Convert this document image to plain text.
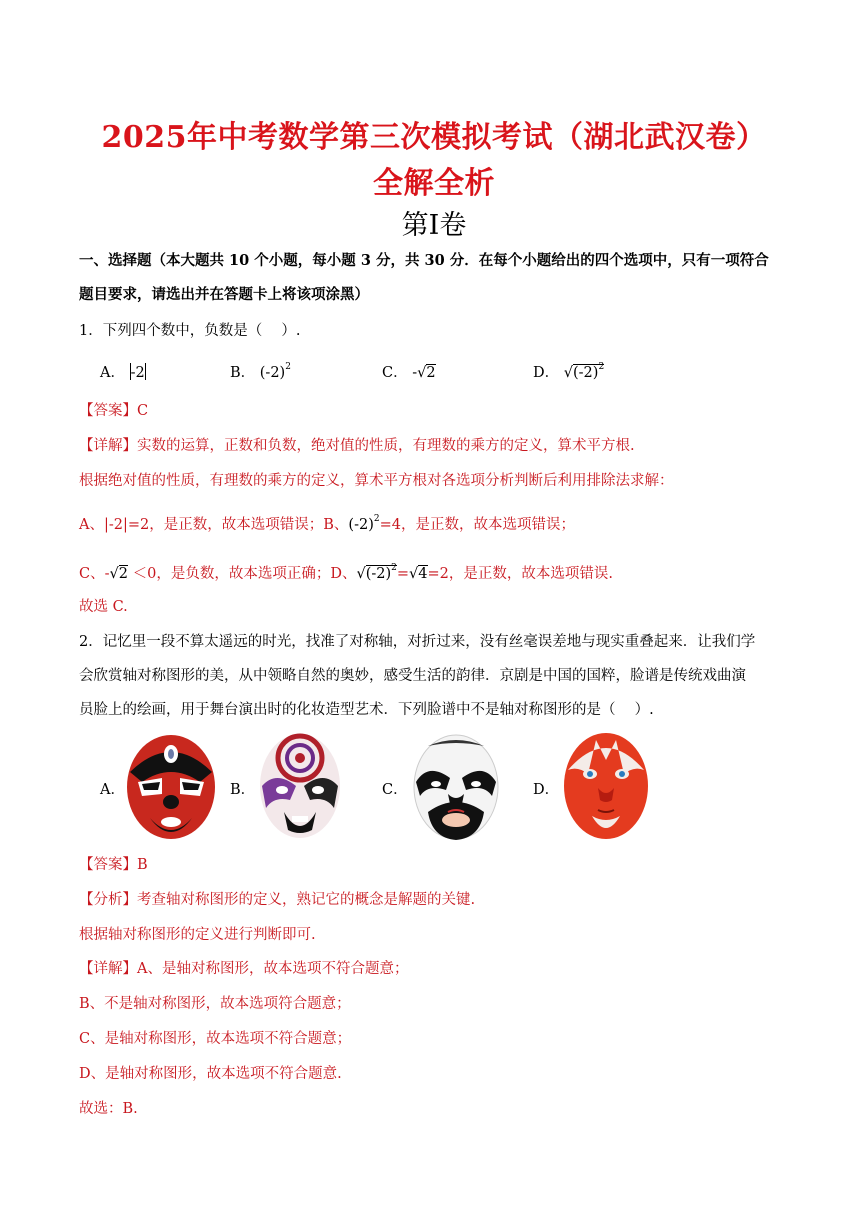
2025年中考数学第三次模拟考试（湖北武汉卷）
全解全析
第I卷
一、选择题（本大题共 10 个小题，每小题 3 分，共 30 分．在每个小题给出的四个选项中，只有一项符合
题目要求，请选出并在答题卡上将该项涂黑）
1．下列四个数中，负数是（　 ）.
A． -2	B． $(-2)^2$	C． -√2	D． $√(-2)^2$
【答案】C
【详解】实数的运算，正数和负数，绝对值的性质，有理数的乘方的定义，算术平方根.
根据绝对值的性质，有理数的乘方的定义，算术平方根对各选项分析判断后利用排除法求解：
A、|-2|=2，是正数，故本选项错误；B、$(-2)^2=4$，是正数，故本选项错误；
C、-√2 ＜0，是负数，故本选项正确；D、$√(-2)^2=√4=2$，是正数，故本选项错误.
故选 C.
2．记忆里一段不算太遥远的时光，找准了对称轴，对折过来，没有丝毫误差地与现实重叠起来．让我们学
会欣赏轴对称图形的美，从中领略自然的奥妙，感受生活的韵律．京剧是中国的国粹，脸谱是传统戏曲演
员脸上的绘画，用于舞台演出时的化妆造型艺术．下列脸谱中不是轴对称图形的是（　 ）.
A．	B．	C．	D．
【答案】B
【分析】考查轴对称图形的定义，熟记它的概念是解题的关键.
根据轴对称图形的定义进行判断即可.
【详解】A、是轴对称图形，故本选项不符合题意；
B、不是轴对称图形，故本选项符合题意；
C、是轴对称图形，故本选项不符合题意；
D、是轴对称图形，故本选项不符合题意.
故选：B.
